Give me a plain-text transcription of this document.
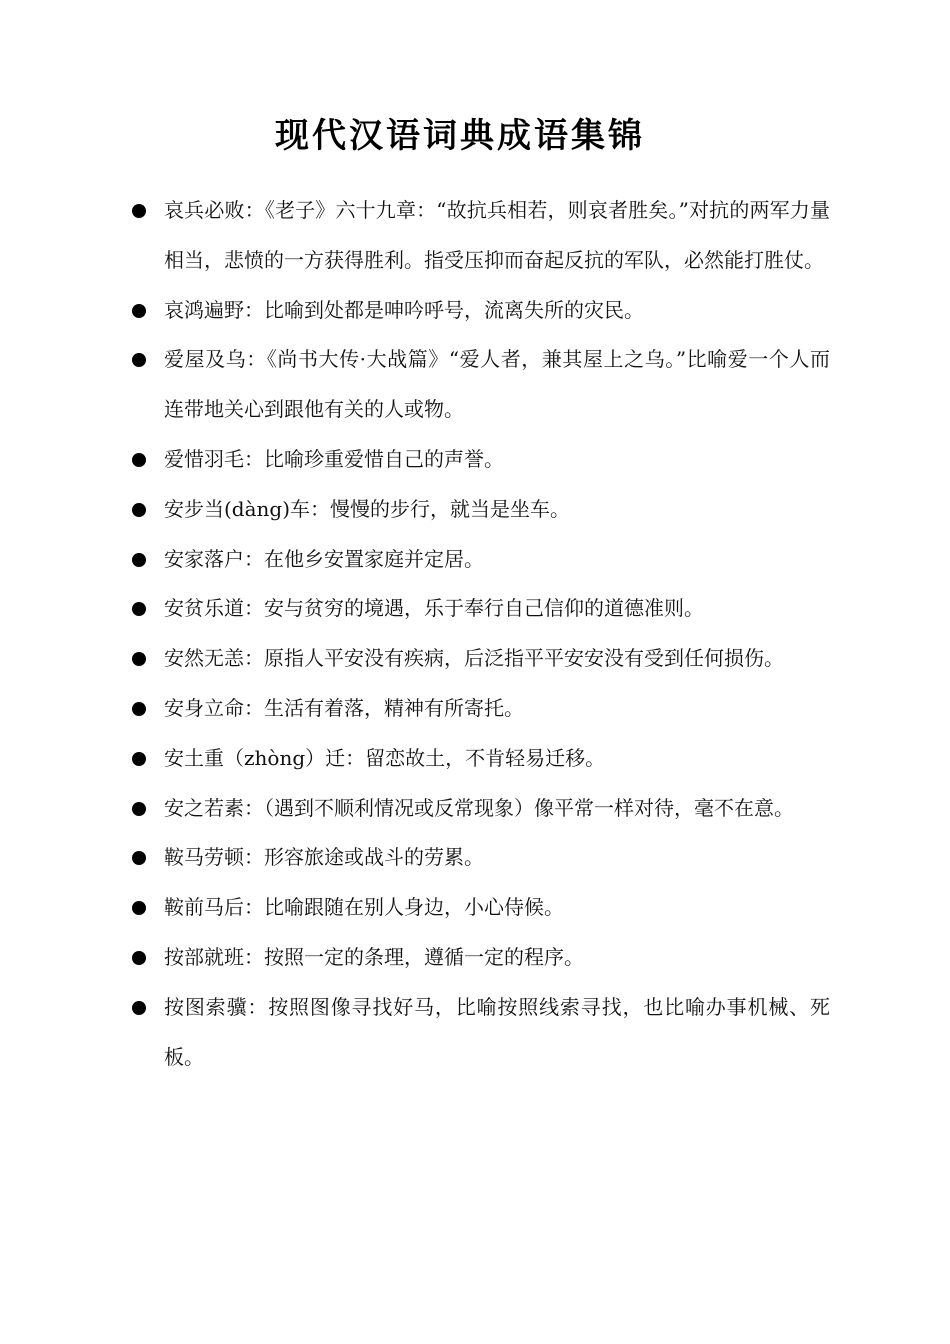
现代汉语词典成语集锦
哀兵必败：《老子》六十九章：“故抗兵相若，则哀者胜矣。”对抗的两军力量相当，悲愤的一方获得胜利。指受压抑而奋起反抗的军队，必然能打胜仗。
哀鸿遍野：比喻到处都是呻吟呼号，流离失所的灾民。
爱屋及乌：《尚书大传·大战篇》“爱人者，兼其屋上之乌。”比喻爱一个人而连带地关心到跟他有关的人或物。
爱惜羽毛：比喻珍重爱惜自己的声誉。
安步当(dàng)车：慢慢的步行，就当是坐车。
安家落户：在他乡安置家庭并定居。
安贫乐道：安与贫穷的境遇，乐于奉行自己信仰的道德准则。
安然无恙：原指人平安没有疾病，后泛指平平安安没有受到任何损伤。
安身立命：生活有着落，精神有所寄托。
安土重（zhòng）迁：留恋故土，不肯轻易迁移。
安之若素：（遇到不顺利情况或反常现象）像平常一样对待，毫不在意。
鞍马劳顿：形容旅途或战斗的劳累。
鞍前马后：比喻跟随在别人身边，小心侍候。
按部就班：按照一定的条理，遵循一定的程序。
按图索骥：按照图像寻找好马，比喻按照线索寻找，也比喻办事机械、死板。
